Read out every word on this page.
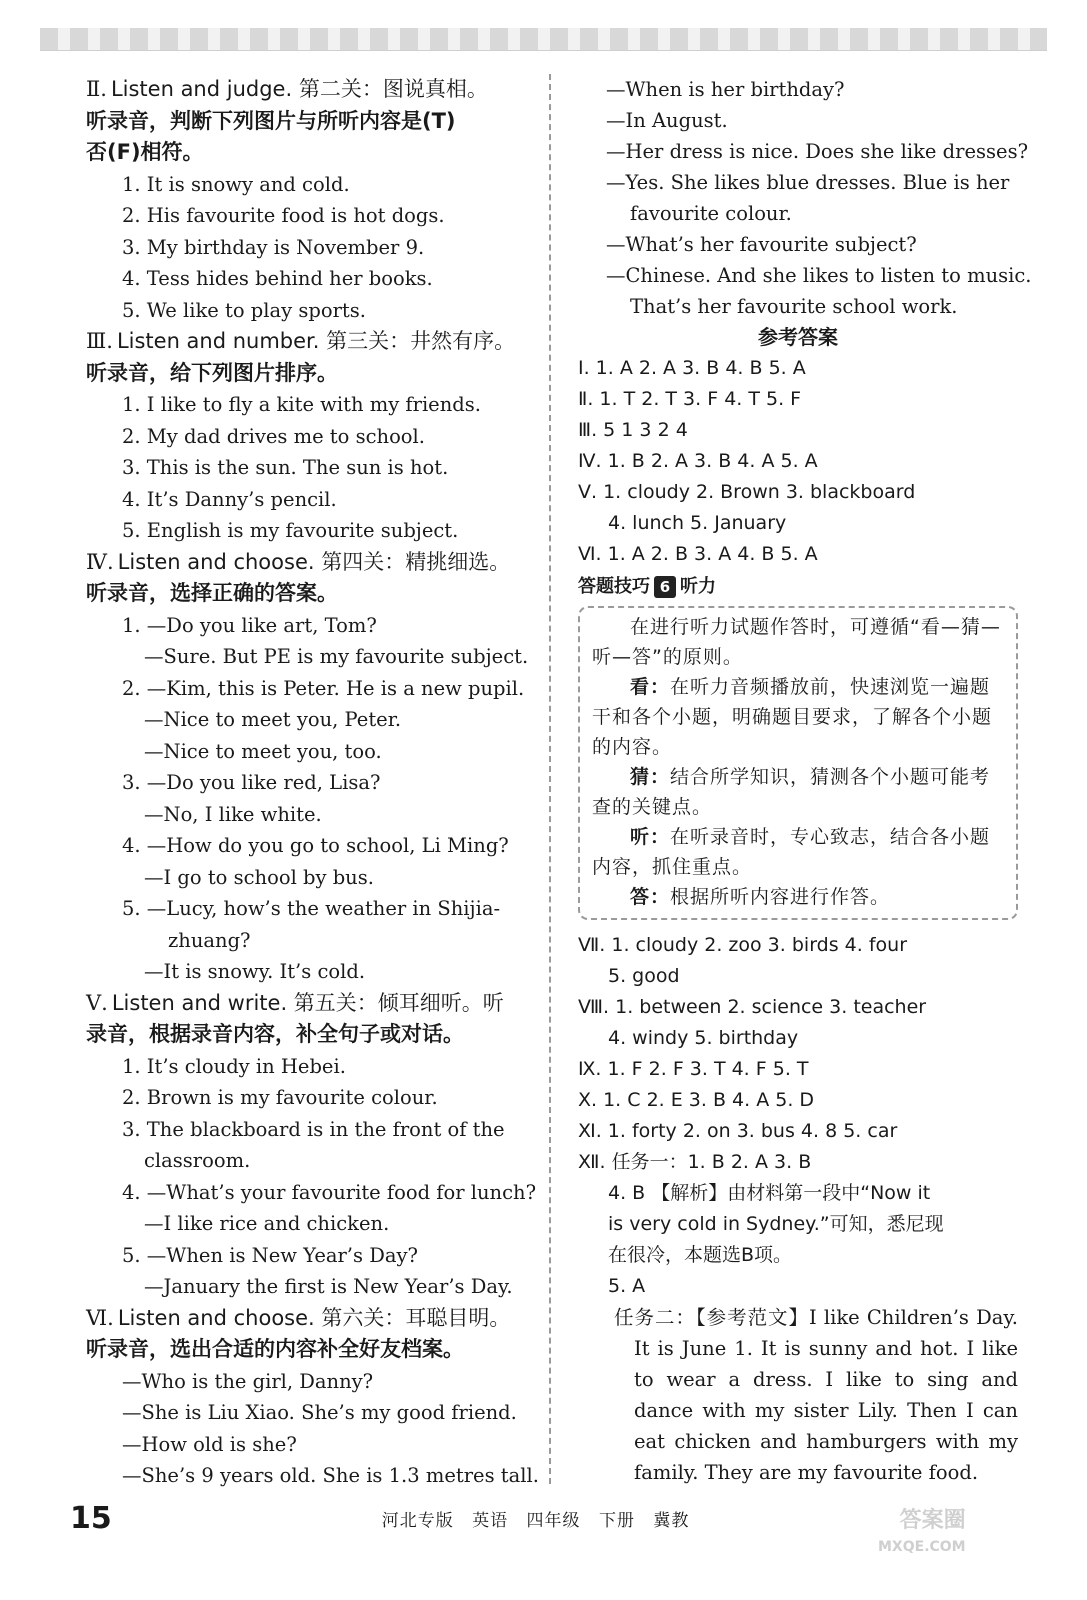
Ⅱ. Listen and judge. 第二关：图说真相。
听录音，判断下列图片与所听内容是(T)
否(F)相符。
1. It is snowy and cold.
2. His favourite food is hot dogs.
3. My birthday is November 9.
4. Tess hides behind her books.
5. We like to play sports.
Ⅲ. Listen and number. 第三关：井然有序。
听录音，给下列图片排序。
1. I like to fly a kite with my friends.
2. My dad drives me to school.
3. This is the sun. The sun is hot.
4. It’s Danny’s pencil.
5. English is my favourite subject.
Ⅳ. Listen and choose. 第四关：精挑细选。
听录音，选择正确的答案。
1. —Do you like art, Tom?
—Sure. But PE is my favourite subject.
2. —Kim, this is Peter. He is a new pupil.
—Nice to meet you, Peter.
—Nice to meet you, too.
3. —Do you like red, Lisa?
—No, I like white.
4. —How do you go to school, Li Ming?
—I go to school by bus.
5. —Lucy, how’s the weather in Shijia-
zhuang?
—It is snowy. It’s cold.
Ⅴ. Listen and write. 第五关：倾耳细听。听
录音，根据录音内容，补全句子或对话。
1. It’s cloudy in Hebei.
2. Brown is my favourite colour.
3. The blackboard is in the front of the
classroom.
4. —What’s your favourite food for lunch?
—I like rice and chicken.
5. —When is New Year’s Day?
—January the first is New Year’s Day.
Ⅵ. Listen and choose. 第六关：耳聪目明。
听录音，选出合适的内容补全好友档案。
—Who is the girl, Danny?
—She is Liu Xiao. She’s my good friend.
—How old is she?
—She’s 9 years old. She is 1.3 metres tall.
—When is her birthday?
—In August.
—Her dress is nice. Does she like dresses?
—Yes. She likes blue dresses. Blue is her
favourite colour.
—What’s her favourite subject?
—Chinese. And she likes to listen to music.
That’s her favourite school work.
参考答案
Ⅰ. 1. A 2. A 3. B 4. B 5. A
Ⅱ. 1. T 2. T 3. F 4. T 5. F
Ⅲ. 5 1 3 2 4
Ⅳ. 1. B 2. A 3. B 4. A 5. A
Ⅴ. 1. cloudy 2. Brown 3. blackboard
4. lunch 5. January
Ⅵ. 1. A 2. B 3. A 4. B 5. A
答题技巧 6 听力
在进行听力试题作答时，可遵循“看—猜—听—答”的原则。
看：在听力音频播放前，快速浏览一遍题干和各个小题，明确题目要求，了解各个小题的内容。
猜：结合所学知识，猜测各个小题可能考查的关键点。
听：在听录音时，专心致志，结合各小题内容，抓住重点。
答：根据所听内容进行作答。
Ⅶ. 1. cloudy 2. zoo 3. birds 4. four
5. good
Ⅷ. 1. between 2. science 3. teacher
4. windy 5. birthday
Ⅸ. 1. F 2. F 3. T 4. F 5. T
Ⅹ. 1. C 2. E 3. B 4. A 5. D
Ⅺ. 1. forty 2. on 3. bus 4. 8 5. car
Ⅻ. 任务一：1. B 2. A 3. B
4. B 【解析】由材料第一段中“Now it
is very cold in Sydney.”可知，悉尼现
在很冷，本题选B项。
5. A
任务二：【参考范文】I like Children’s Day. It is June 1. It is sunny and hot. I like to wear a dress. I like to sing and dance with my sister Lily. Then I can eat chicken and hamburgers with my family. They are my favourite food.
15	河北专版 英语 四年级 下册 冀教	答案圈
MXQE.COM
